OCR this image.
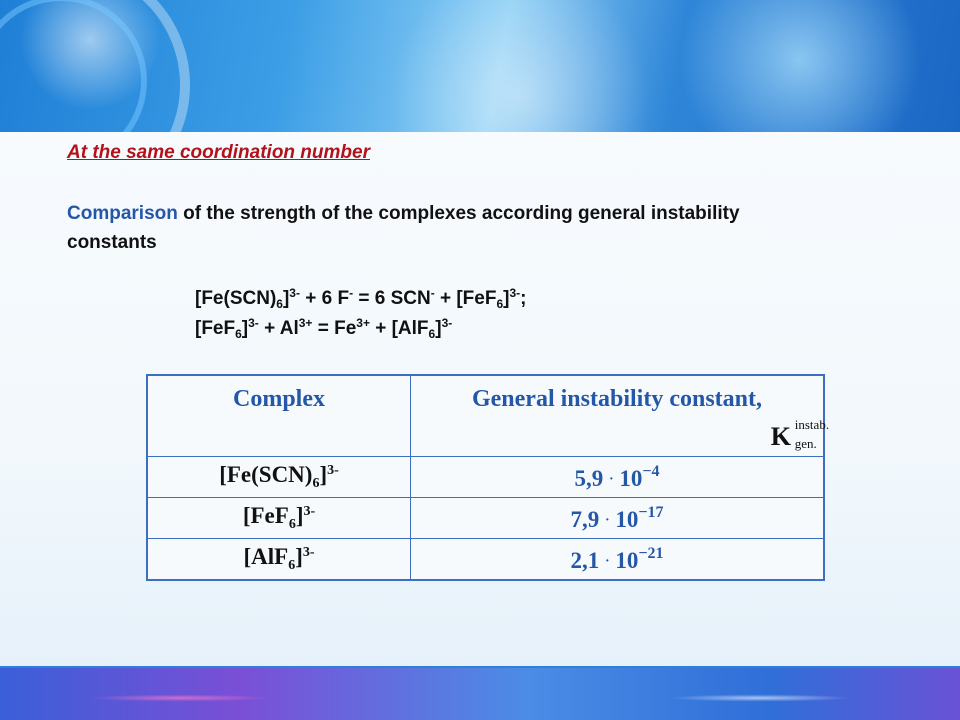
At the same coordination number
Comparison of the strength of the complexes according general instability constants
$[Fe(SCN)_6]^{3-} + 6$ F- = 6 $SCN^- + [FeF_6]^{3-}$;
$[FeF_6]^{3-} + Al^{3+} = Fe^{3+} + [AlF_6]^{3-}$
Complex	General instability constant,
K instab.
gen.

$[Fe(SCN)_6]^{3-}$	$5,9 \cdot 10^{-4}$
$[FeF_6]^{3-}$	$7,9 \cdot 10^{-17}$
$[AlF_6]^{3-}$	$2,1 \cdot 10^{-21}$
